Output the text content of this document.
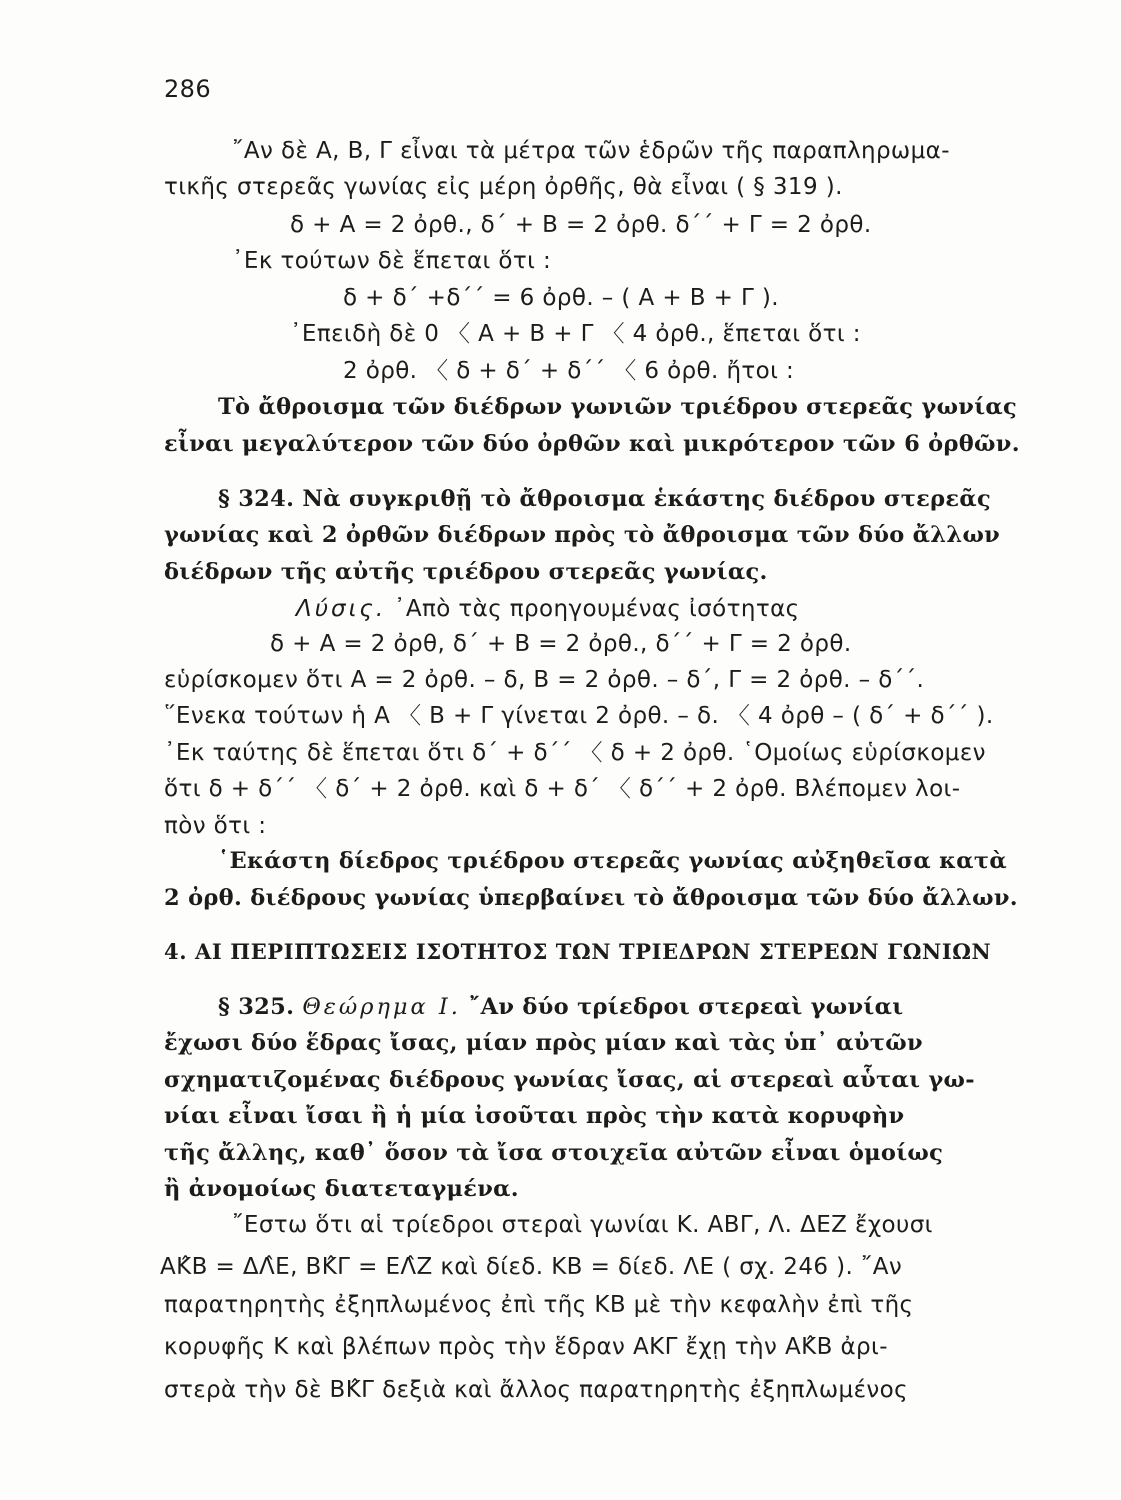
286
῎Αν δὲ Α, Β, Γ εἶναι τὰ μέτρα τῶν ἑδρῶν τῆς παραπληρωμα-
τικῆς στερεᾶς γωνίας εἰς μέρη ὀρθῆς, θὰ εἶναι ( § 319 ).
δ + Α = 2 ὀρθ., δ΄ + Β = 2 ὀρθ. δ΄΄ + Γ = 2 ὀρθ.
᾽Εκ τούτων δὲ ἕπεται ὅτι :
δ + δ΄ +δ΄΄ = 6 ὀρθ. – ( Α + Β + Γ ).
᾽Επειδὴ δὲ 0 〈 Α + Β + Γ 〈 4 ὀρθ., ἕπεται ὅτι :
2 ὀρθ. 〈 δ + δ΄ + δ΄΄ 〈 6 ὀρθ. ἤτοι :
Τὸ ἄθροισμα τῶν διέδρων γωνιῶν τριέδρου στερεᾶς γωνίας
εἶναι μεγαλύτερον τῶν δύο ὀρθῶν καὶ μικρότερον τῶν 6 ὀρθῶν.
§ 324. Νὰ συγκριθῇ τὸ ἄθροισμα ἑκάστης διέδρου στερεᾶς
γωνίας καὶ 2 ὀρθῶν διέδρων πρὸς τὸ ἄθροισμα τῶν δύο ἄλλων
διέδρων τῆς αὐτῆς τριέδρου στερεᾶς γωνίας.
Λύσις. ᾽Απὸ τὰς προηγουμένας ἰσότητας
δ + Α = 2 ὀρθ, δ΄ + Β = 2 ὀρθ., δ΄΄ + Γ = 2 ὀρθ.
εὑρίσκομεν ὅτι Α = 2 ὀρθ. – δ, Β = 2 ὀρθ. – δ΄, Γ = 2 ὀρθ. – δ΄΄.
῞Ενεκα τούτων ἡ Α 〈 Β + Γ γίνεται 2 ὀρθ. – δ. 〈 4 ὀρθ – ( δ΄ + δ΄΄ ).
᾽Εκ ταύτης δὲ ἕπεται ὅτι δ΄ + δ΄΄ 〈 δ + 2 ὀρθ. ῾Ομοίως εὑρίσκομεν
ὅτι δ + δ΄΄ 〈 δ΄ + 2 ὀρθ. καὶ δ + δ΄ 〈 δ΄΄ + 2 ὀρθ. Βλέπομεν λοι-
πὸν ὅτι :
῾Εκάστη δίεδρος τριέδρου στερεᾶς γωνίας αὐξηθεῖσα κατὰ
2 ὀρθ. διέδρους γωνίας ὑπερβαίνει τὸ ἄθροισμα τῶν δύο ἄλλων.
4. ΑΙ ΠΕΡΙΠΤΩΣΕΙΣ ΙΣΟΤΗΤΟΣ ΤΩΝ ΤΡΙΕΔΡΩΝ ΣΤΕΡΕΩΝ ΓΩΝΙΩΝ
§ 325. Θεώρημα Ι. ῎Αν δύο τρίεδροι στερεαὶ γωνίαι
ἔχωσι δύο ἕδρας ἴσας, μίαν πρὸς μίαν καὶ τὰς ὑπ᾽ αὐτῶν
σχηματιζομένας διέδρους γωνίας ἴσας, αἱ στερεαὶ αὗται γω-
νίαι εἶναι ἴσαι ἢ ἡ μία ἰσοῦται πρὸς τὴν κατὰ κορυφὴν
τῆς ἄλλης, καθ᾽ ὅσον τὰ ἴσα στοιχεῖα αὐτῶν εἶναι ὁμοίως
ἢ ἀνομοίως διατεταγμένα.
῎Εστω ὅτι αἱ τρίεδροι στεραὶ γωνίαι Κ. ΑΒΓ, Λ. ΔΕΖ ἔχουσι
ΑΚ̂Β = ΔΛ̂Ε, ΒΚ̂Γ = ΕΛ̂Ζ καὶ δίεδ. ΚΒ = δίεδ. ΛΕ ( σχ. 246 ). ῎Αν
παρατηρητὴς ἐξηπλωμένος ἐπὶ τῆς ΚΒ μὲ τὴν κεφαλὴν ἐπὶ τῆς
κορυφῆς Κ καὶ βλέπων πρὸς τὴν ἕδραν ΑΚΓ ἔχῃ τὴν ΑΚ̂Β ἀρι-
στερὰ τὴν δὲ ΒΚ̂Γ δεξιὰ καὶ ἄλλος παρατηρητὴς ἐξηπλωμένος
